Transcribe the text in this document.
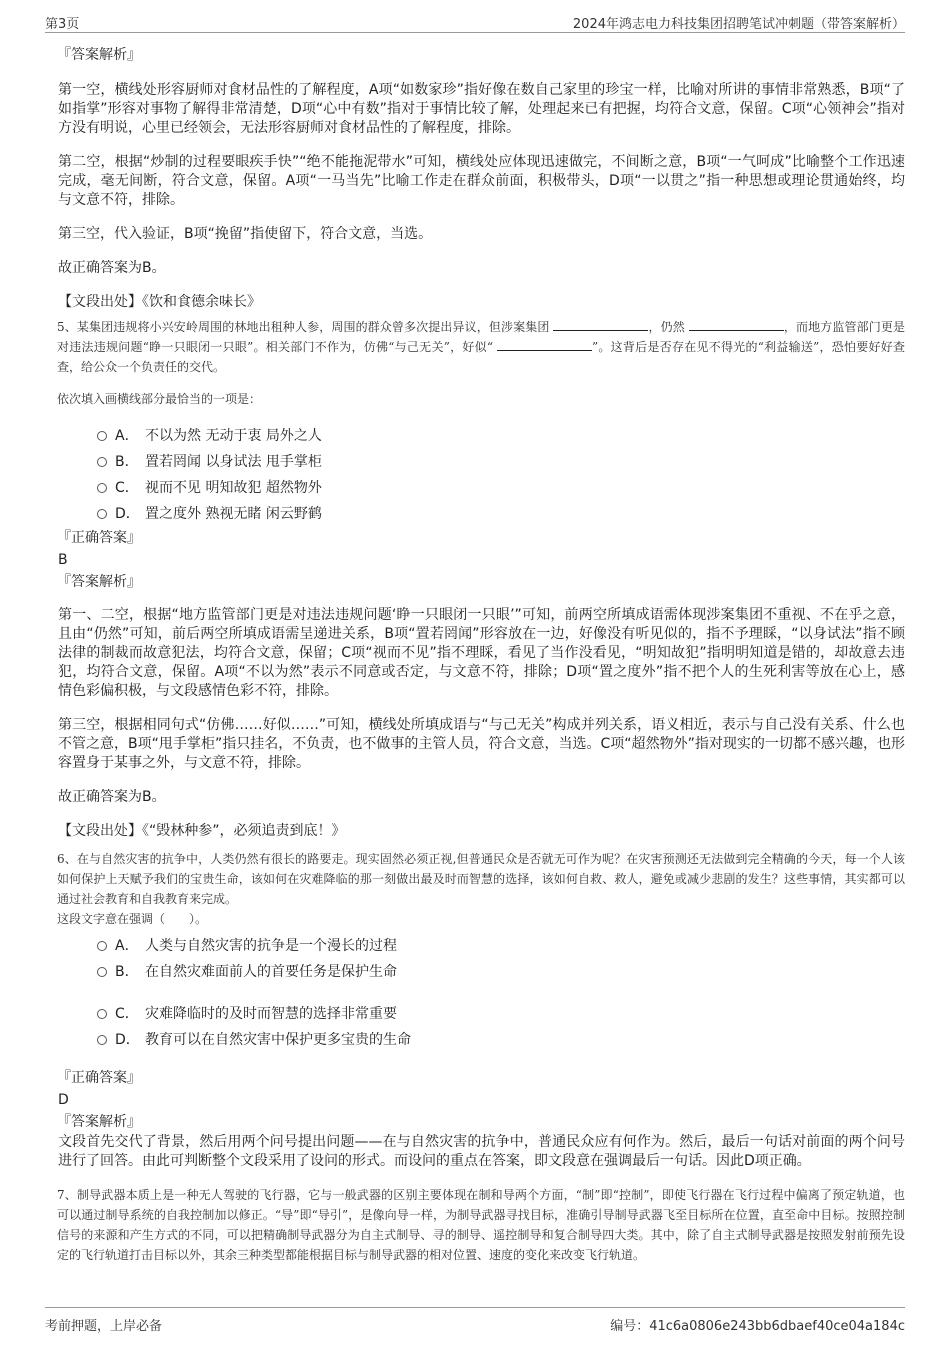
第3页	2024年鸿志电力科技集团招聘笔试冲刺题（带答案解析）
『答案解析』
第一空，横线处形容厨师对食材品性的了解程度，A项“如数家珍”指好像在数自己家里的珍宝一样，比喻对所讲的事情非常熟悉，B项“了如指掌”形容对事物了解得非常清楚，D项“心中有数”指对于事情比较了解，处理起来已有把握，均符合文意，保留。C项“心领神会”指对方没有明说，心里已经领会，无法形容厨师对食材品性的了解程度，排除。
第二空，根据“炒制的过程要眼疾手快”“绝不能拖泥带水”可知，横线处应体现迅速做完，不间断之意，B项“一气呵成”比喻整个工作迅速完成，毫无间断，符合文意，保留。A项“一马当先”比喻工作走在群众前面，积极带头，D项“一以贯之”指一种思想或理论贯通始终，均与文意不符，排除。
第三空，代入验证，B项“挽留”指使留下，符合文意，当选。
故正确答案为B。
【文段出处】《饮和食德余味长》
5、某集团违规将小兴安岭周围的林地出租种人参，周围的群众曾多次提出异议，但涉案集团	，仍然	，而地方监管部门更是对违法违规问题“睁一只眼闭一只眼”。相关部门不作为，仿佛“与己无关”，好似“	”。这背后是否存在见不得光的“利益输送”，恐怕要好好查查，给公众一个负责任的交代。
依次填入画横线部分最恰当的一项是：
A． 不以为然 无动于衷 局外之人
B． 置若罔闻 以身试法 甩手掌柜
C． 视而不见 明知故犯 超然物外
D． 置之度外 熟视无睹 闲云野鹤
『正确答案』
B
『答案解析』
第一、二空，根据“地方监管部门更是对违法违规问题‘睁一只眼闭一只眼’”可知，前两空所填成语需体现涉案集团不重视、不在乎之意，且由“仍然”可知，前后两空所填成语需呈递进关系，B项“置若罔闻”形容放在一边，好像没有听见似的，指不予理睬，“以身试法”指不顾法律的制裁而故意犯法，均符合文意，保留；C项“视而不见”指不理睬，看见了当作没看见，“明知故犯”指明明知道是错的，却故意去违犯，均符合文意，保留。A项“不以为然”表示不同意或否定，与文意不符，排除；D项“置之度外”指不把个人的生死利害等放在心上，感情色彩偏积极，与文段感情色彩不符，排除。
第三空，根据相同句式“仿佛……好似……”可知，横线处所填成语与“与己无关”构成并列关系，语义相近，表示与自己没有关系、什么也不管之意，B项“甩手掌柜”指只挂名，不负责，也不做事的主管人员，符合文意，当选。C项“超然物外”指对现实的一切都不感兴趣，也形容置身于某事之外，与文意不符，排除。
故正确答案为B。
【文段出处】《“毁林种参”，必须追责到底！》
6、在与自然灾害的抗争中，人类仍然有很长的路要走。现实固然必须正视,但普通民众是否就无可作为呢？在灾害预测还无法做到完全精确的今天，每一个人该如何保护上天赋予我们的宝贵生命，该如何在灾难降临的那一刻做出最及时而智慧的选择，该如何自救、救人，避免或减少悲剧的发生？这些事情，其实都可以通过社会教育和自我教育来完成。
这段文字意在强调（　　）。
A． 人类与自然灾害的抗争是一个漫长的过程
B． 在自然灾难面前人的首要任务是保护生命
C． 灾难降临时的及时而智慧的选择非常重要
D． 教育可以在自然灾害中保护更多宝贵的生命
『正确答案』
D
『答案解析』
文段首先交代了背景，然后用两个问号提出问题——在与自然灾害的抗争中，普通民众应有何作为。然后，最后一句话对前面的两个问号进行了回答。由此可判断整个文段采用了设问的形式。而设问的重点在答案，即文段意在强调最后一句话。因此D项正确。
7、制导武器本质上是一种无人驾驶的飞行器，它与一般武器的区别主要体现在制和导两个方面，“制”即“控制”，即使飞行器在飞行过程中偏离了预定轨道，也可以通过制导系统的自我控制加以修正。“导”即“导引”，是像向导一样，为制导武器寻找目标，准确引导制导武器飞至目标所在位置，直至命中目标。按照控制信号的来源和产生方式的不同，可以把精确制导武器分为自主式制导、寻的制导、遥控制导和复合制导四大类。其中，除了自主式制导武器是按照发射前预先设定的飞行轨道打击目标以外，其余三种类型都能根据目标与制导武器的相对位置、速度的变化来改变飞行轨道。
考前押题，上岸必备	编号：41c6a0806e243bb6dbaef40ce04a184c
